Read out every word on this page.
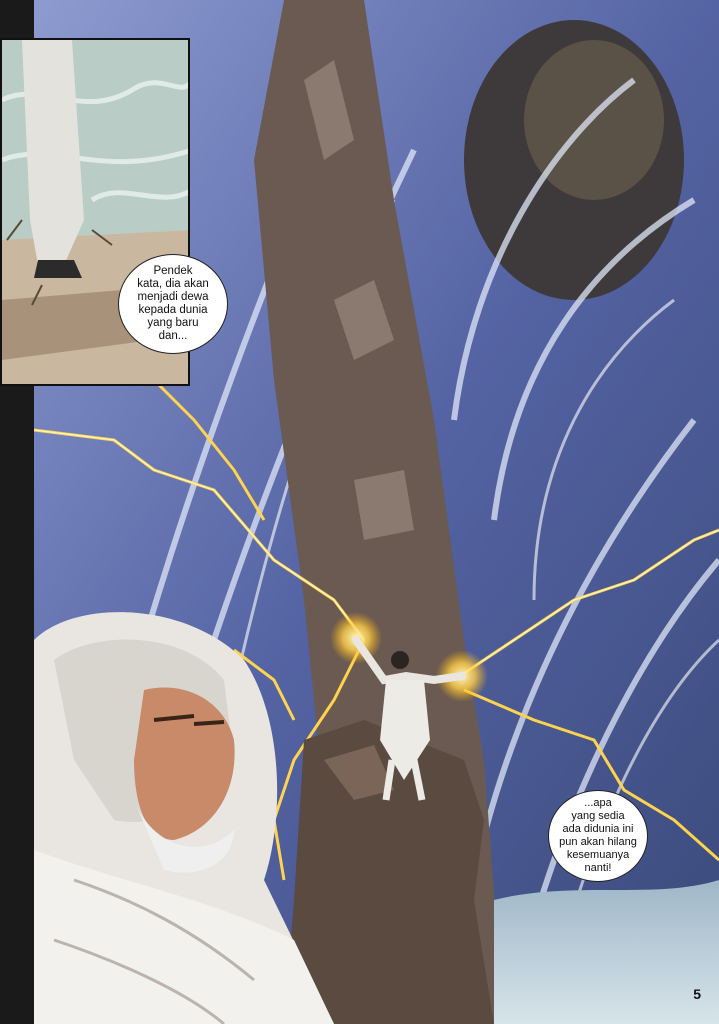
Pendek
kata, dia akan
menjadi dewa
kepada dunia
yang baru
dan...
...apa
yang sedia
ada didunia ini
pun akan hilang
kesemuanya
nanti!
5
